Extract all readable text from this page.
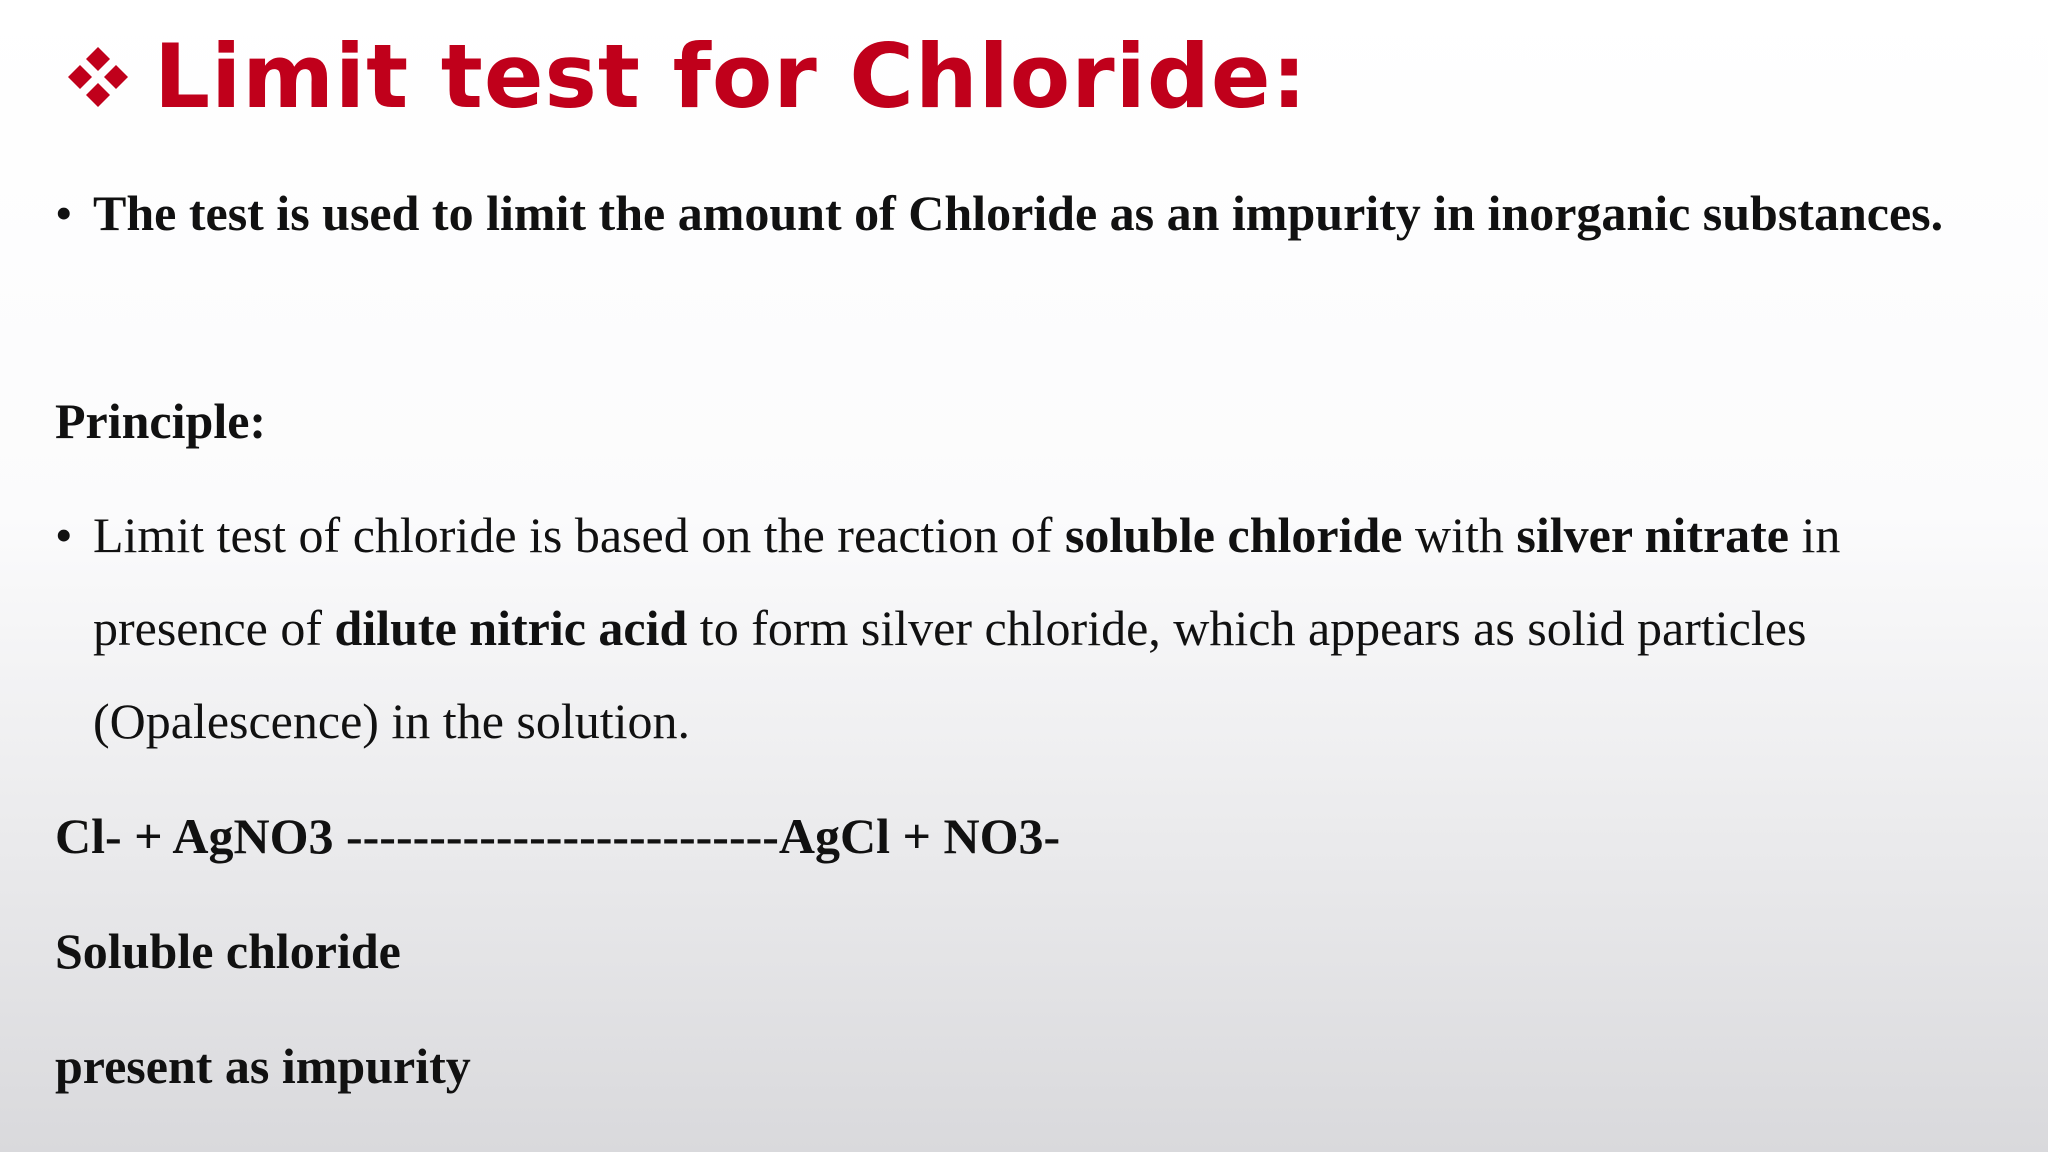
Limit test for Chloride:
• The test is used to limit the amount of Chloride as an impurity in inorganic substances.
Principle:
• Limit test of chloride is based on the reaction of soluble chloride with silver nitrate in presence of dilute nitric acid to form silver chloride, which appears as solid particles (Opalescence) in the solution.
Cl- + AgNO3 --------------------------AgCl + NO3-
Soluble chloride
present as impurity
